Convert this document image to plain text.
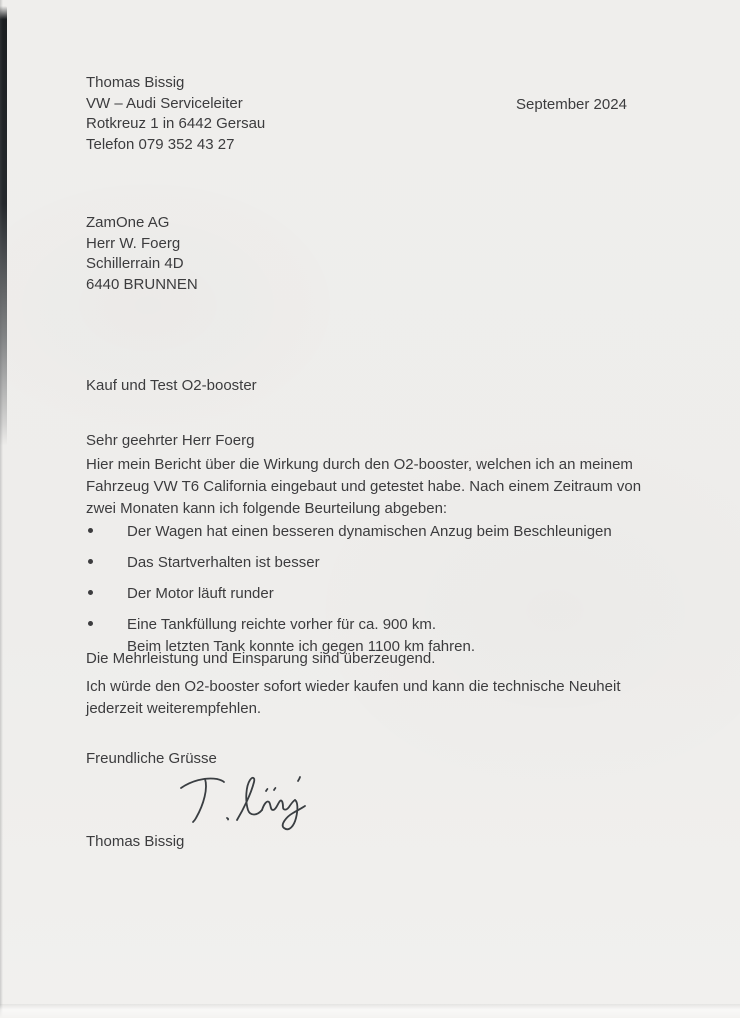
Thomas Bissig
VW – Audi Serviceleiter
Rotkreuz 1 in 6442 Gersau
Telefon 079 352 43 27
September 2024
ZamOne AG
Herr W. Foerg
Schillerrain 4D
6440 BRUNNEN
Kauf und Test O2-booster
Sehr geehrter Herr Foerg
Hier mein Bericht über die Wirkung durch den O2-booster, welchen ich an meinem Fahrzeug VW T6 California eingebaut und getestet habe. Nach einem Zeitraum von zwei Monaten kann ich folgende Beurteilung abgeben:
Der Wagen hat einen besseren dynamischen Anzug beim Beschleunigen
Das Startverhalten ist besser
Der Motor läuft runder
Eine Tankfüllung reichte vorher für ca. 900 km.
Beim letzten Tank konnte ich gegen 1100 km fahren.
Die Mehrleistung und Einsparung sind überzeugend.
Ich würde den O2-booster sofort wieder kaufen und kann die technische Neuheit jederzeit weiterempfehlen.
Freundliche Grüsse
Thomas Bissig
